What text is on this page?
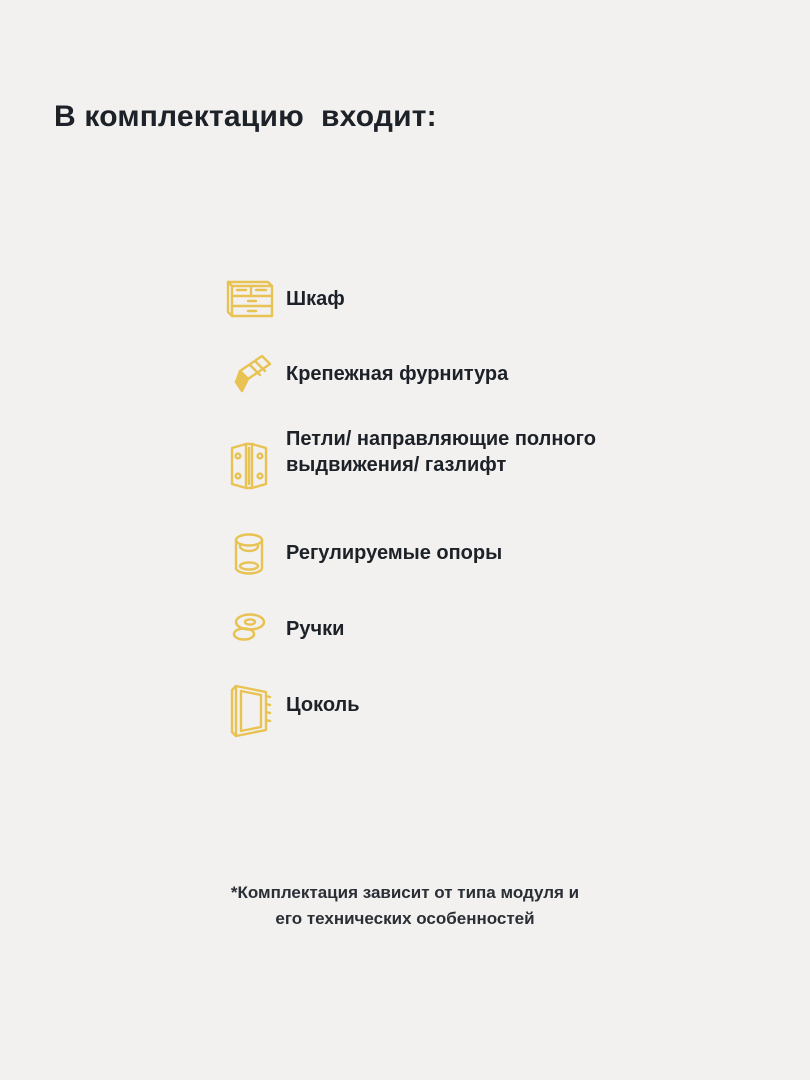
В комплектацию  входит:
Шкаф
Крепежная фурнитура
Петли/ направляющие полного выдвижения/ газлифт
Регулируемые опоры
Ручки
Цоколь
*Комплектация зависит от типа модуля и
его технических особенностей
